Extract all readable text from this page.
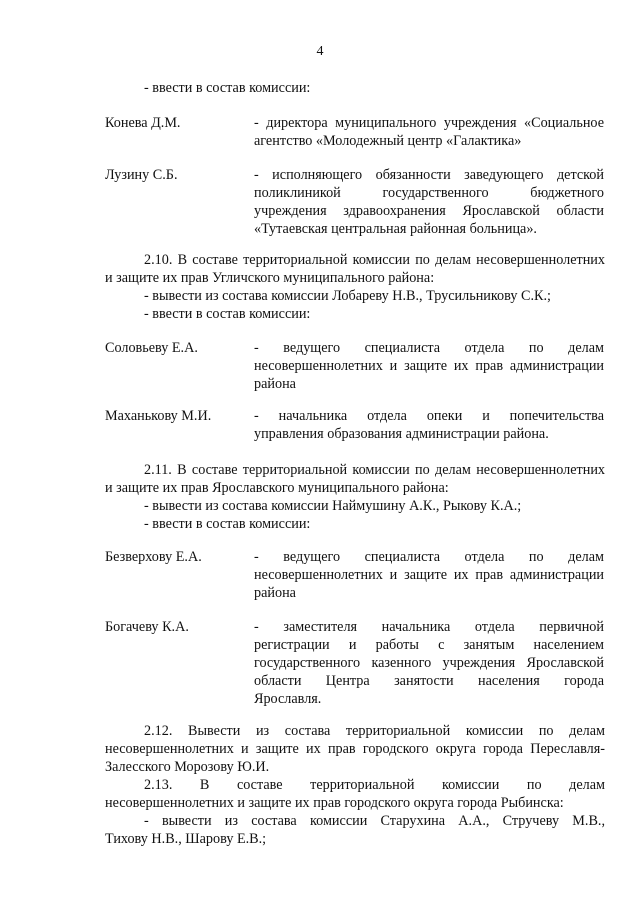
4
- ввести в состав комиссии:
Конева Д.М.	- директора муниципального учреждения «Социальное
агентство «Молодежный центр «Галактика»
Лузину С.Б.	- исполняющего обязанности заведующего детской
поликлиникой государственного бюджетного
учреждения здравоохранения Ярославской области
«Тутаевская центральная районная больница».
2.10. В составе территориальной комиссии по делам несовершеннолетних
и защите их прав Угличского муниципального района:
- вывести из состава комиссии Лобареву Н.В., Трусильникову С.К.;
- ввести в состав комиссии:
Соловьеву Е.А.	- ведущего специалиста отдела по делам
несовершеннолетних и защите их прав администрации
района
Маханькову М.И.	- начальника отдела опеки и попечительства
управления образования администрации района.
2.11. В составе территориальной комиссии по делам несовершеннолетних
и защите их прав Ярославского муниципального района:
- вывести из состава комиссии Наймушину А.К., Рыкову К.А.;
- ввести в состав комиссии:
Безверхову Е.А.	- ведущего специалиста отдела по делам
несовершеннолетних и защите их прав администрации
района
Богачеву К.А.	- заместителя начальника отдела первичной
регистрации и работы с занятым населением
государственного казенного учреждения Ярославской
области Центра занятости населения города
Ярославля.
2.12. Вывести из состава территориальной комиссии по делам
несовершеннолетних и защите их прав городского округа города Переславля-
Залесского Морозову Ю.И.
2.13. В составе территориальной комиссии по делам
несовершеннолетних и защите их прав городского округа города Рыбинска:
- вывести из состава комиссии Старухина А.А., Стручеву М.В.,
Тихову Н.В., Шарову Е.В.;
